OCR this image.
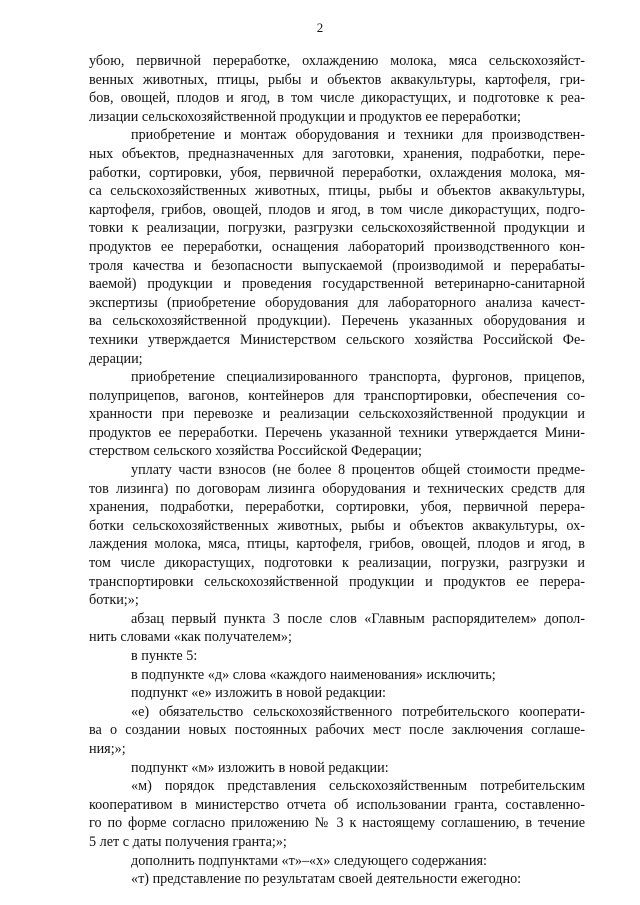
2
убою, первичной переработке, охлаждению молока, мяса сельскохозяйст-
венных животных, птицы, рыбы и объектов аквакультуры, картофеля, гри-
бов, овощей, плодов и ягод, в том числе дикорастущих, и подготовке к реа-
лизации сельскохозяйственной продукции и продуктов ее переработки;
приобретение и монтаж оборудования и техники для производствен-
ных объектов, предназначенных для заготовки, хранения, подработки, пере-
работки, сортировки, убоя, первичной переработки, охлаждения молока, мя-
са сельскохозяйственных животных, птицы, рыбы и объектов аквакультуры,
картофеля, грибов, овощей, плодов и ягод, в том числе дикорастущих, подго-
товки к реализации, погрузки, разгрузки сельскохозяйственной продукции и
продуктов ее переработки, оснащения лабораторий производственного кон-
троля качества и безопасности выпускаемой (производимой и перерабаты-
ваемой) продукции и проведения государственной ветеринарно-санитарной
экспертизы (приобретение оборудования для лабораторного анализа качест-
ва сельскохозяйственной продукции). Перечень указанных оборудования и
техники утверждается Министерством сельского хозяйства Российской Фе-
дерации;
приобретение специализированного транспорта, фургонов, прицепов,
полуприцепов, вагонов, контейнеров для транспортировки, обеспечения со-
хранности при перевозке и реализации сельскохозяйственной продукции и
продуктов ее переработки. Перечень указанной техники утверждается Мини-
стерством сельского хозяйства Российской Федерации;
уплату части взносов (не более 8 процентов общей стоимости предме-
тов лизинга) по договорам лизинга оборудования и технических средств для
хранения, подработки, переработки, сортировки, убоя, первичной перера-
ботки сельскохозяйственных животных, рыбы и объектов аквакультуры, ох-
лаждения молока, мяса, птицы, картофеля, грибов, овощей, плодов и ягод, в
том числе дикорастущих, подготовки к реализации, погрузки, разгрузки и
транспортировки сельскохозяйственной продукции и продуктов ее перера-
ботки;»;
абзац первый пункта 3 после слов «Главным распорядителем» допол-
нить словами «как получателем»;
в пункте 5:
в подпункте «д» слова «каждого наименования» исключить;
подпункт «е» изложить в новой редакции:
«е) обязательство сельскохозяйственного потребительского кооперати-
ва о создании новых постоянных рабочих мест после заключения соглаше-
ния;»;
подпункт «м» изложить в новой редакции:
«м) порядок представления сельскохозяйственным потребительским
кооперативом в министерство отчета об использовании гранта, составленно-
го по форме согласно приложению № 3 к настоящему соглашению, в течение
5 лет с даты получения гранта;»;
дополнить подпунктами «т»–«х» следующего содержания:
«т) представление по результатам своей деятельности ежегодно:
